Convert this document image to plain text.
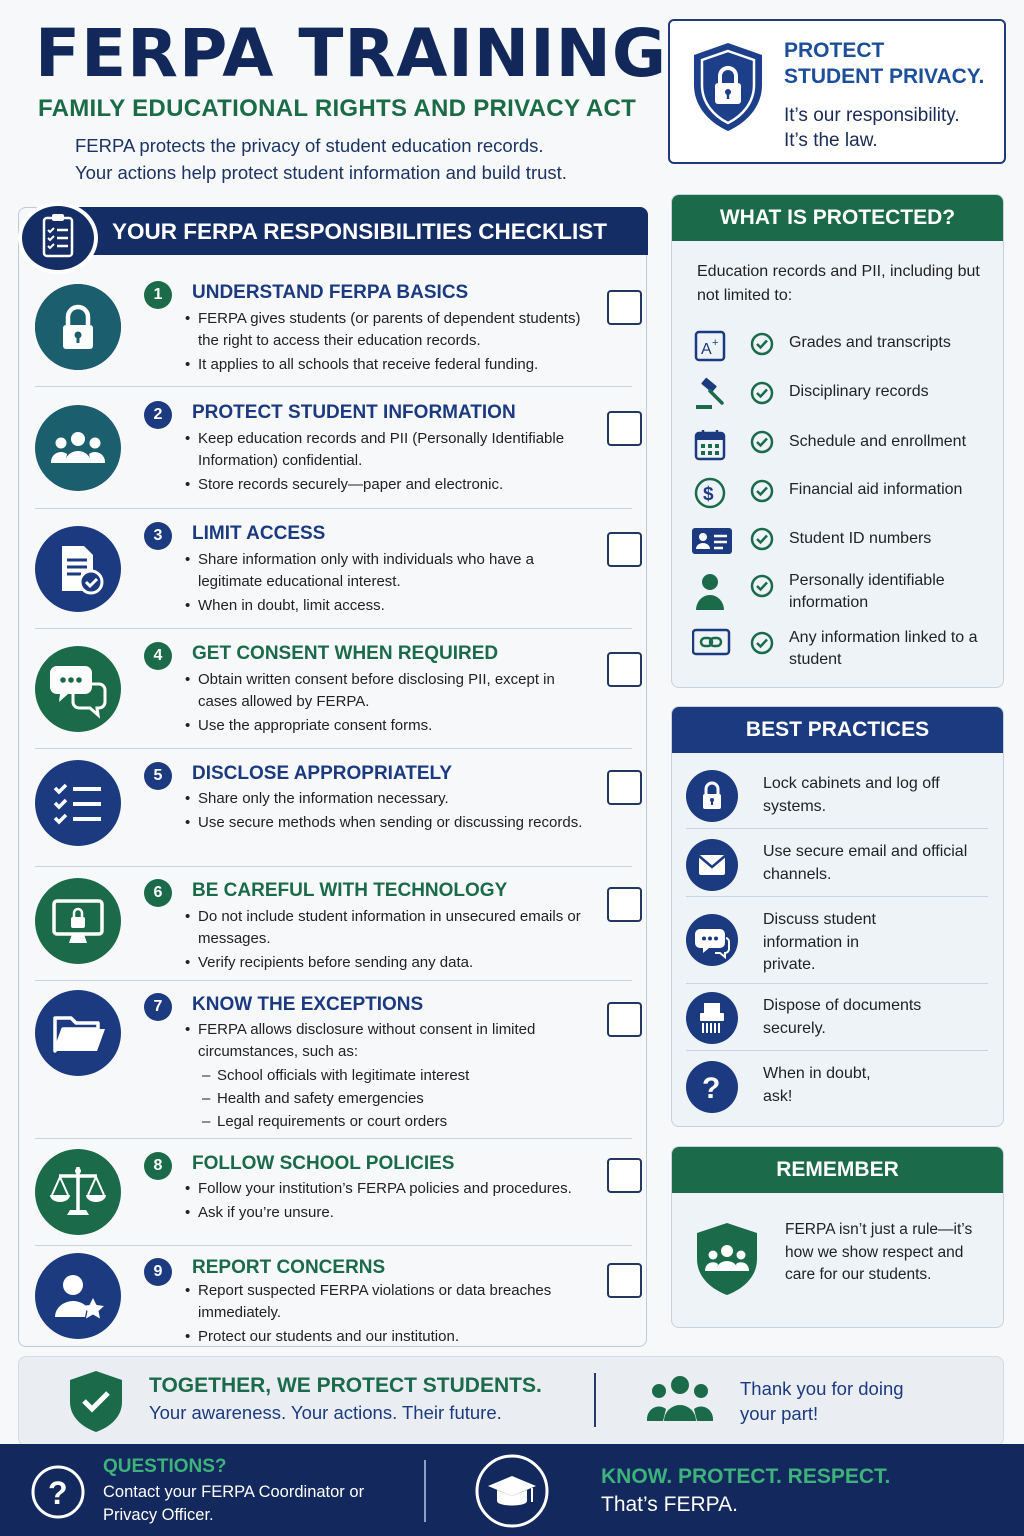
FERPA TRAINING
FAMILY EDUCATIONAL RIGHTS AND PRIVACY ACT
FERPA protects the privacy of student education records.
Your actions help protect student information and build trust.
PROTECT
STUDENT PRIVACY.
It’s our responsibility.
It’s the law.
YOUR FERPA RESPONSIBILITIES CHECKLIST
1	UNDERSTAND FERPA BASICS
• FERPA gives students (or parents of dependent students) the right to access their education records.
• It applies to all schools that receive federal funding.
2	PROTECT STUDENT INFORMATION
• Keep education records and PII (Personally Identifiable Information) confidential.
• Store records securely—paper and electronic.
3	LIMIT ACCESS
• Share information only with individuals who have a legitimate educational interest.
• When in doubt, limit access.
4	GET CONSENT WHEN REQUIRED
• Obtain written consent before disclosing PII, except in cases allowed by FERPA.
• Use the appropriate consent forms.
5	DISCLOSE APPROPRIATELY
• Share only the information necessary.
• Use secure methods when sending or discussing records.
6	BE CAREFUL WITH TECHNOLOGY
• Do not include student information in unsecured emails or messages.
• Verify recipients before sending any data.
7	KNOW THE EXCEPTIONS
• FERPA allows disclosure without consent in limited circumstances, such as:
– School officials with legitimate interest
– Health and safety emergencies
– Legal requirements or court orders
8	FOLLOW SCHOOL POLICIES
• Follow your institution’s FERPA policies and procedures.
• Ask if you’re unsure.
9	REPORT CONCERNS
• Report suspected FERPA violations or data breaches immediately.
• Protect our students and our institution.
WHAT IS PROTECTED?
Education records and PII, including but not limited to:
A +	Grades and transcripts
Disciplinary records
Schedule and enrollment
$	Financial aid information
Student ID numbers
Personally identifiable information
Any information linked to a student
BEST PRACTICES
Lock cabinets and log off systems.
Use secure email and official channels.
Discuss student information in private.
Dispose of documents securely.
?	When in doubt, ask!
REMEMBER
FERPA isn’t just a rule—it’s how we show respect and care for our students.
TOGETHER, WE PROTECT STUDENTS.
Your awareness. Your actions. Their future.
Thank you for doing your part!
?
QUESTIONS?
Contact your FERPA Coordinator or Privacy Officer.
KNOW. PROTECT. RESPECT.
That’s FERPA.
